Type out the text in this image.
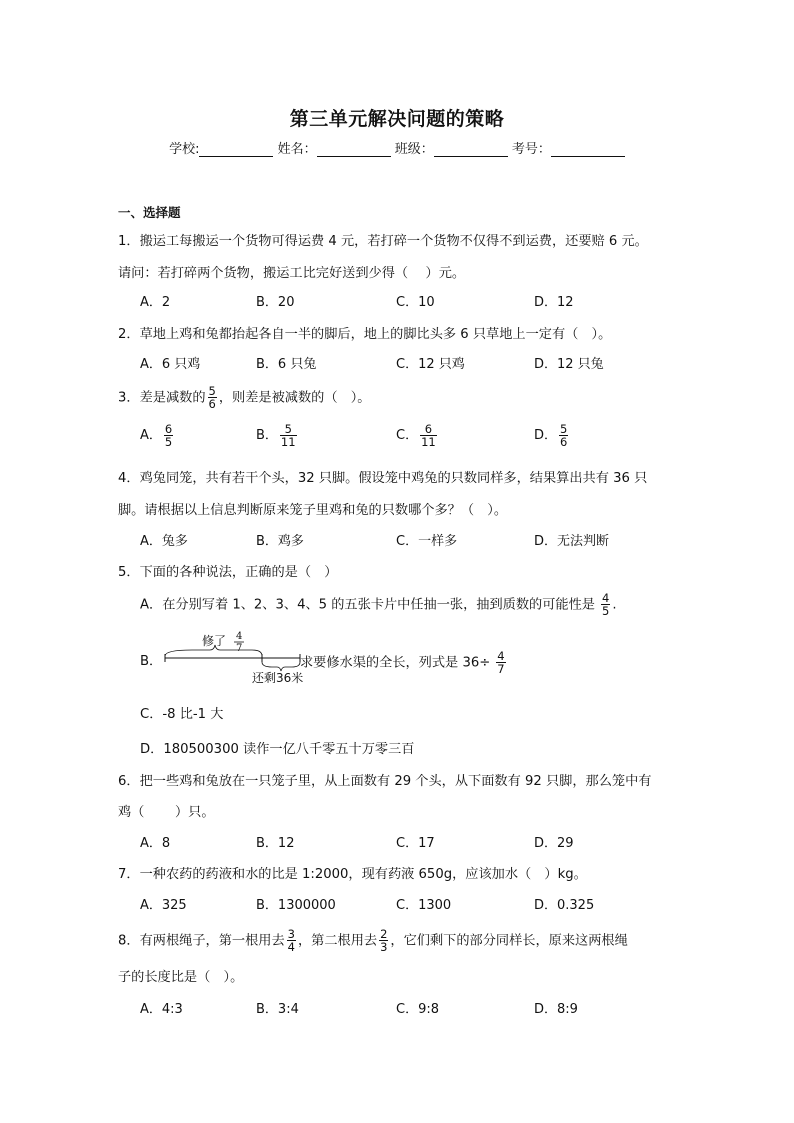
第三单元解决问题的策略
学校:	姓名：	班级：	考号：
一、选择题
1．搬运工每搬运一个货物可得运费 4 元，若打碎一个货物不仅得不到运费，还要赔 6 元。
请问：若打碎两个货物，搬运工比完好送到少得（　 ）元。
A．2	B．20	C．10	D．12
2．草地上鸡和兔都抬起各自一半的脚后，地上的脚比头多 6 只草地上一定有（　）。
A．6 只鸡	B．6 只兔	C．12 只鸡	D．12 只兔
3．差是减数的 $\frac{5}{6}$ ，则差是被减数的（　）。
A． $\frac{6}{5}$	B． $\frac{5}{11}$	C． $\frac{6}{11}$	D． $\frac{5}{6}$
4．鸡兔同笼，共有若干个头，32 只脚。假设笼中鸡兔的只数同样多，结果算出共有 36 只
脚。请根据以上信息判断原来笼子里鸡和兔的只数哪个多？（　）。
A．兔多	B．鸡多	C．一样多	D．无法判断
5．下面的各种说法，正确的是（　）
A．在分别写着 1、2、3、4、5 的五张卡片中任抽一张，抽到质数的可能性是 $\frac{4}{5}$ .
B．
修了 4
7
还剩36米
求要修水渠的全长，列式是 $36\div \frac{4}{7}$
C．-8 比-1 大
D．180500300 读作一亿八千零五十万零三百
6．把一些鸡和兔放在一只笼子里，从上面数有 29 个头，从下面数有 92 只脚，那么笼中有
鸡（　　 ）只。
A．8	B．12	C．17	D．29
7．一种农药的药液和水的比是 1:2000，现有药液 650g，应该加水（　）kg。
A．325	B．1300000	C．1300	D．0.325
8．有两根绳子，第一根用去 $\frac{3}{4}$ ，第二根用去 $\frac{2}{3}$ ，它们剩下的部分同样长，原来这两根绳
子的长度比是（　）。
A．4:3	B．3:4	C．9:8	D．8:9
